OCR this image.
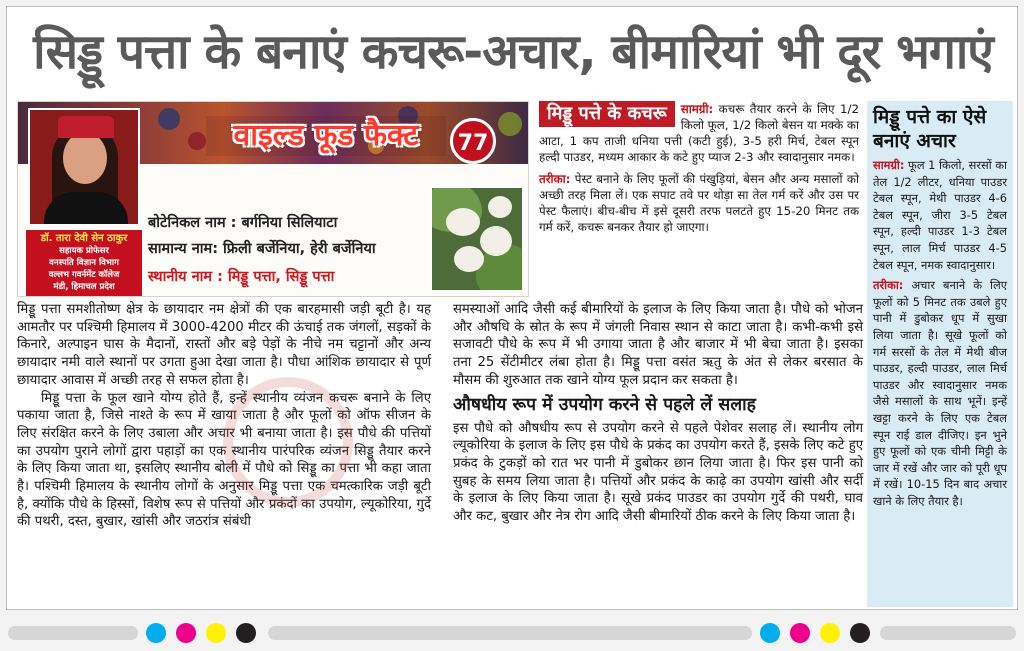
सिड्डू पत्ता के बनाएं कचरू-अचार, बीमारियां भी दूर भगाएं
डॉ. तारा देवी सेन ठाकुर
सहायक प्रोफेसर
वनस्पति विज्ञान विभाग
वल्लभ गवर्नमेंट कॉलेज
मंडी, हिमाचल प्रदेश
वाइल्ड फूड फैक्ट	77
बोटेनिकल नाम : बर्गनिया सिलियाटा
सामान्य नाम: फ्रिली बर्जेनिया, हेरी बर्जेनिया
स्थानीय नाम : मिड्डू पत्ता, सिड्डू पत्ता
मिड्डू पत्ते के कचरू	सामग्री: कचरू तैयार करने के लिए 1/2 किलो फूल, 1/2 किलो बेसन या मक्के का आटा, 1 कप ताजी धनिया पत्ती (कटी हुई), 3-5 हरी मिर्च, टेबल स्पून हल्दी पाउडर, मध्यम आकार के कटे हुए प्याज 2-3 और स्वादानुसार नमक।

तरीका: पेस्ट बनाने के लिए फूलों की पंखुड़ियां, बेसन और अन्य मसालों को अच्छी तरह मिला लें। एक सपाट तवे पर थोड़ा सा तेल गर्म करें और उस पर पेस्ट फैलाएं। बीच-बीच में इसे दूसरी तरफ पलटते हुए 15-20 मिनट तक गर्म करें, कचरू बनकर तैयार हो जाएगा।

मिड्डू पत्ते का ऐसे बनाएं अचार

सामग्री: फूल 1 किलो, सरसों का तेल 1/2 लीटर, धनिया पाउडर टेबल स्पून, मेथी पाउडर 4-6 टेबल स्पून, जीरा 3-5 टेबल स्पून, हल्दी पाउडर 1-3 टेबल स्पून, लाल मिर्च पाउडर 4-5 टेबल स्पून, नमक स्वादानुसार।

तरीका: अचार बनाने के लिए फूलों को 5 मिनट तक उबले हुए पानी में डुबोकर धूप में सुखा लिया जाता है। सूखे फूलों को गर्म सरसों के तेल में मेथी बीज पाउडर, हल्दी पाउडर, लाल मिर्च पाउडर और स्वादानुसार नमक जैसे मसालों के साथ भूनें। इन्हें खट्टा करने के लिए एक टेबल स्पून राई डाल दीजिए। इन भुने हुए फूलों को एक चीनी मिट्टी के जार में रखें और जार को पूरी धूप में रखें। 10-15 दिन बाद अचार खाने के लिए तैयार है।

मिड्डू पत्ता समशीतोष्ण क्षेत्र के छायादार नम क्षेत्रों की एक बारहमासी जड़ी बूटी है। यह आमतौर पर पश्चिमी हिमालय में 3000-4200 मीटर की ऊंचाई तक जंगलों, सड़कों के किनारे, अल्पाइन घास के मैदानों, रास्तों और बड़े पेड़ों के नीचे नम चट्टानों और अन्य छायादार नमी वाले स्थानों पर उगता हुआ देखा जाता है। पौधा आंशिक छायादार से पूर्ण छायादार आवास में अच्छी तरह से सफल होता है।

मिड्डू पत्ता के फूल खाने योग्य होते हैं, इन्हें स्थानीय व्यंजन कचरू बनाने के लिए पकाया जाता है, जिसे नाश्ते के रूप में खाया जाता है और फूलों को ऑफ सीजन के लिए संरक्षित करने के लिए उबाला और अचार भी बनाया जाता है। इस पौधे की पत्तियों का उपयोग पुराने लोगों द्वारा पहाड़ों का एक स्थानीय पारंपरिक व्यंजन सिड्डू तैयार करने के लिए किया जाता था, इसलिए स्थानीय बोली में पौधे को सिड्डू का पत्ता भी कहा जाता है। पश्चिमी हिमालय के स्थानीय लोगों के अनुसार मिड्डू पत्ता एक चमत्कारिक जड़ी बूटी है, क्योंकि पौधे के हिस्सों, विशेष रूप से पत्तियों और प्रकंदों का उपयोग, ल्यूकोरिया, गुर्दे की पथरी, दस्त, बुखार, खांसी और जठरांत्र संबंधी

समस्याओं आदि जैसी कई बीमारियों के इलाज के लिए किया जाता है। पौधे को भोजन और औषधि के स्रोत के रूप में जंगली निवास स्थान से काटा जाता है। कभी-कभी इसे सजावटी पौधे के रूप में भी उगाया जाता है और बाजार में भी बेचा जाता है। इसका तना 25 सेंटीमीटर लंबा होता है। मिड्डू पत्ता वसंत ऋतु के अंत से लेकर बरसात के मौसम की शुरुआत तक खाने योग्य फूल प्रदान कर सकता है।

औषधीय रूप में उपयोग करने से पहले लें सलाह

इस पौधे को औषधीय रूप से उपयोग करने से पहले पेशेवर सलाह लें। स्थानीय लोग ल्यूकोरिया के इलाज के लिए इस पौधे के प्रकंद का उपयोग करते हैं, इसके लिए कटे हुए प्रकंद के टुकड़ों को रात भर पानी में डुबोकर छान लिया जाता है। फिर इस पानी को सुबह के समय लिया जाता है। पत्तियों और प्रकंद के काढ़े का उपयोग खांसी और सर्दी के इलाज के लिए किया जाता है। सूखे प्रकंद पाउडर का उपयोग गुर्दे की पथरी, घाव और कट, बुखार और नेत्र रोग आदि जैसी बीमारियों ठीक करने के लिए किया जाता है।
